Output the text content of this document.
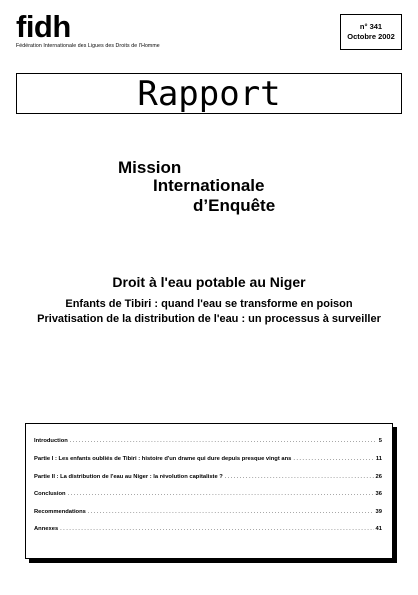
fidh
Fédération Internationale des Ligues des Droits de l'Homme
n° 341
Octobre 2002
Rapport
Mission
Internationale
d’Enquête
Droit à l'eau potable au Niger
Enfants de Tibiri : quand l'eau se transforme en poison
Privatisation de la distribution de l'eau : un processus à surveiller
Introduction .....	5
Partie I : Les enfants oubliés de Tibiri : histoire d'un drame qui dure depuis presque vingt ans .....	11
Partie II : La distribution de l'eau au Niger : la révolution capitaliste ? .....	26
Conclusion .....	36
Recommendations .....	39
Annexes .....	41
